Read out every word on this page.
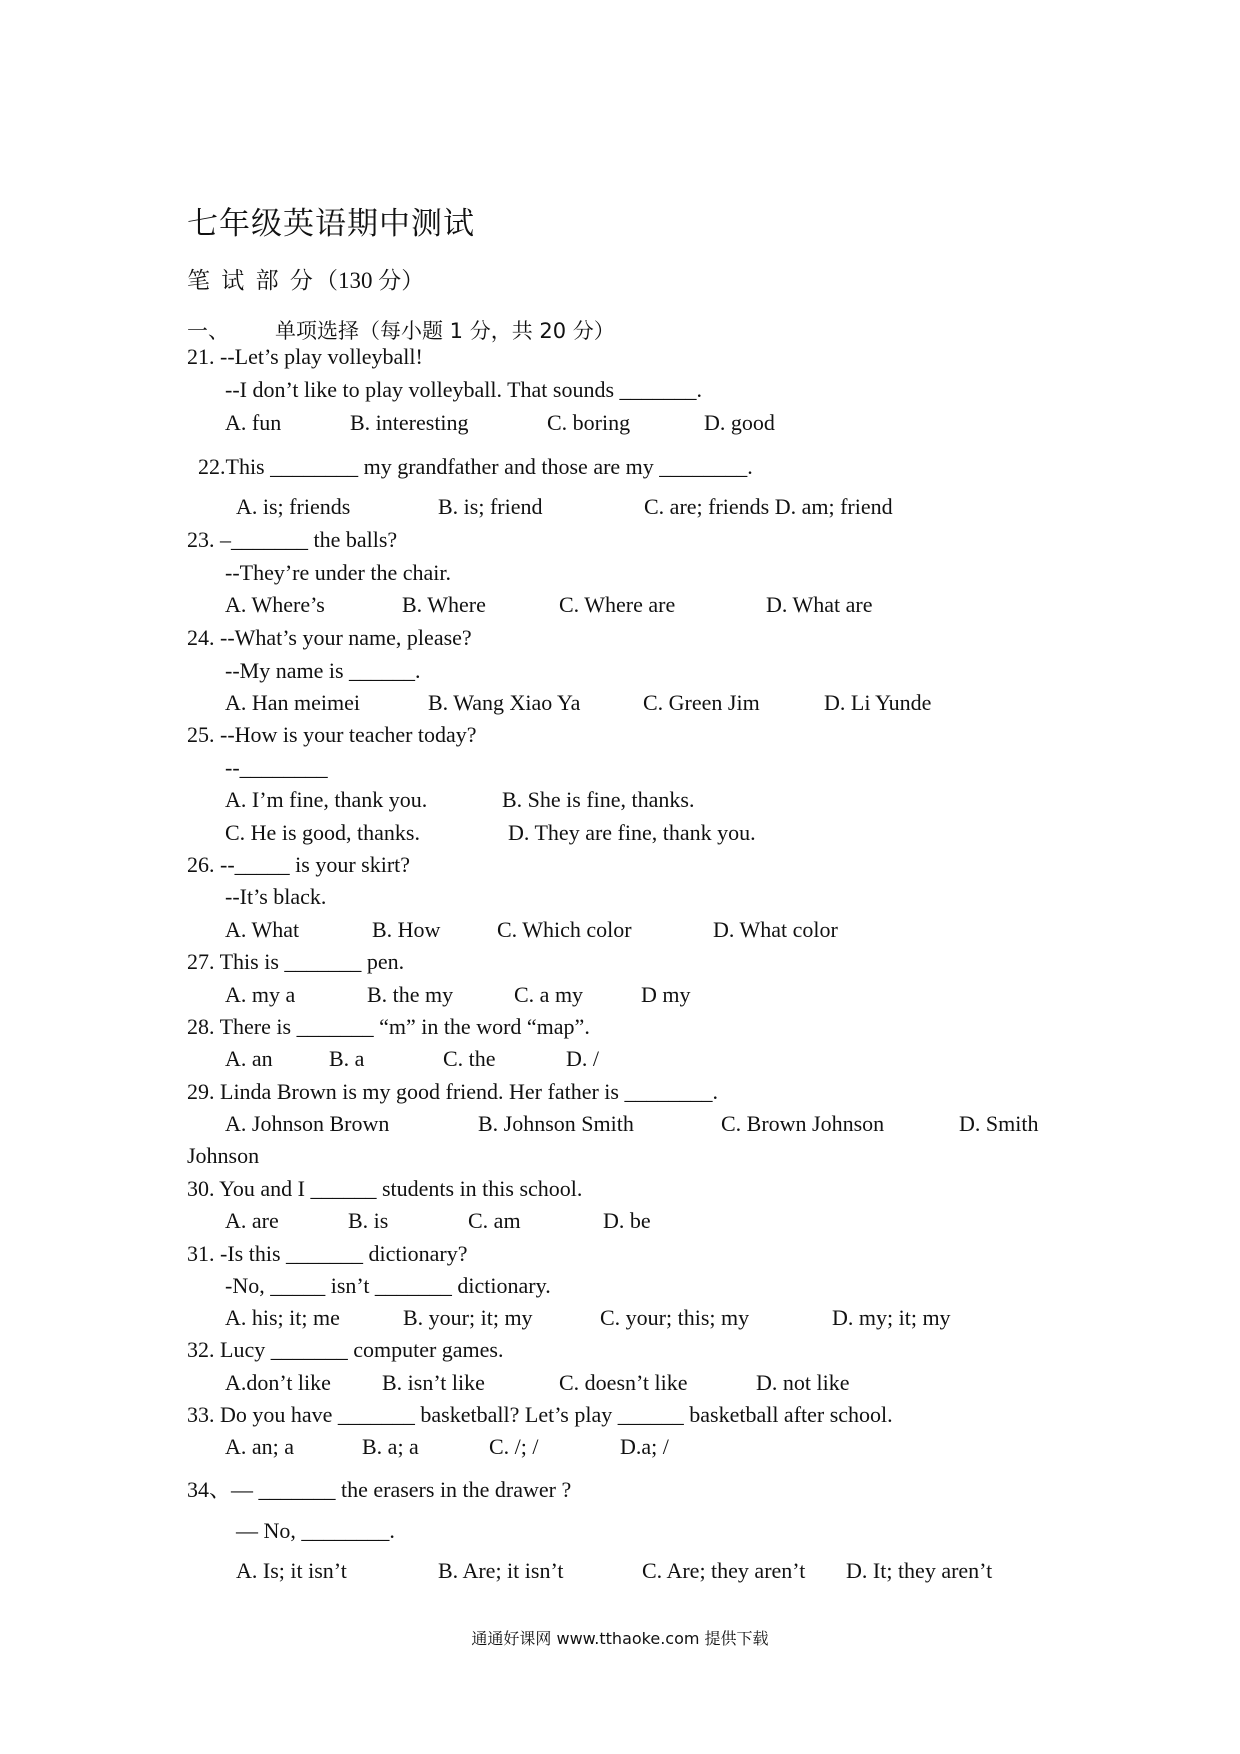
七年级英语期中测试
笔 试 部 分（130 分）
一、 单项选择（每小题 1 分，共 20 分）
21. --Let’s play volleyball!
--I don’t like to play volleyball. That sounds _______.
A. fun	B. interesting	C. boring	D. good
22.This ________ my grandfather and those are my ________.
A. is; friends	B. is; friend	C. are; friends D. am; friend
23. –_______ the balls?
--They’re under the chair.
A. Where’s	B. Where	C. Where are	D. What are
24. --What’s your name, please?
--My name is ______.
A. Han meimei	B. Wang Xiao Ya	C. Green Jim	D. Li Yunde
25. --How is your teacher today?
--________
A. I’m fine, thank you.	B. She is fine, thanks.
C. He is good, thanks.	D. They are fine, thank you.
26. --_____ is your skirt?
--It’s black.
A. What	B. How	C. Which color	D. What color
27. This is _______ pen.
A. my a	B. the my	C. a my	D my
28. There is _______ “m” in the word “map”.
A. an	B. a	C. the	D. /
29. Linda Brown is my good friend. Her father is ________.
A. Johnson Brown	B. Johnson Smith	C. Brown Johnson	D. Smith
Johnson
30. You and I ______ students in this school.
A. are	B. is	C. am	D. be
31. -Is this _______ dictionary?
-No, _____ isn’t _______ dictionary.
A. his; it; me	B. your; it; my	C. your; this; my	D. my; it; my
32. Lucy _______ computer games.
A.don’t like B. isn’t like	C. doesn’t like	D. not like
33. Do you have _______ basketball? Let’s play ______ basketball after school.
A. an; a	B. a; a	C. /; /	D.a; /
34、— _______ the erasers in the drawer ?
— No, ________.
A. Is; it isn’t	B. Are; it isn’t	C. Are; they aren’t D. It; they aren’t
通通好课网 www.tthaoke.com 提供下载
